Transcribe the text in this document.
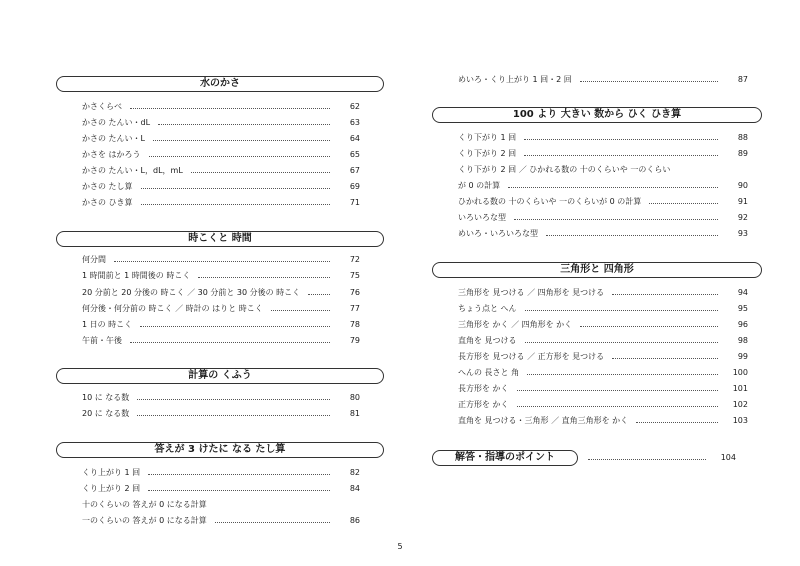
水のかさ
かさくらべ	62
かさの たんい・dL	63
かさの たんい・L	64
かさを はかろう	65
かさの たんい・L，dL，mL	67
かさの たし算	69
かさの ひき算	71
時こくと 時間
何分間	72
1 時間前と 1 時間後の 時こく	75
20 分前と 20 分後の 時こく ／ 30 分前と 30 分後の 時こく	76
何分後・何分前の 時こく ／ 時計の はりと 時こく	77
1 日の 時こく	78
午前・午後	79
計算の くふう
10 に なる数	80
20 に なる数	81
答えが 3 けたに なる たし算
くり上がり 1 回	82
くり上がり 2 回	84
十のくらいの 答えが 0 になる計算
一のくらいの 答えが 0 になる計算	86
めいろ・くり上がり 1 回・2 回	87
100 より 大きい 数から ひく ひき算
くり下がり 1 回	88
くり下がり 2 回	89
くり下がり 2 回 ／ ひかれる数の 十のくらいや 一のくらい
が 0 の計算	90
ひかれる数の 十のくらいや 一のくらいが 0 の計算	91
いろいろな型	92
めいろ・いろいろな型	93
三角形と 四角形
三角形を 見つける ／ 四角形を 見つける	94
ちょう点と へん	95
三角形を かく ／ 四角形を かく	96
直角を 見つける	98
長方形を 見つける ／ 正方形を 見つける	99
へんの 長さと 角	100
長方形を かく	101
正方形を かく	102
直角を 見つける・三角形 ／ 直角三角形を かく	103
解答・指導のポイント	104
5
